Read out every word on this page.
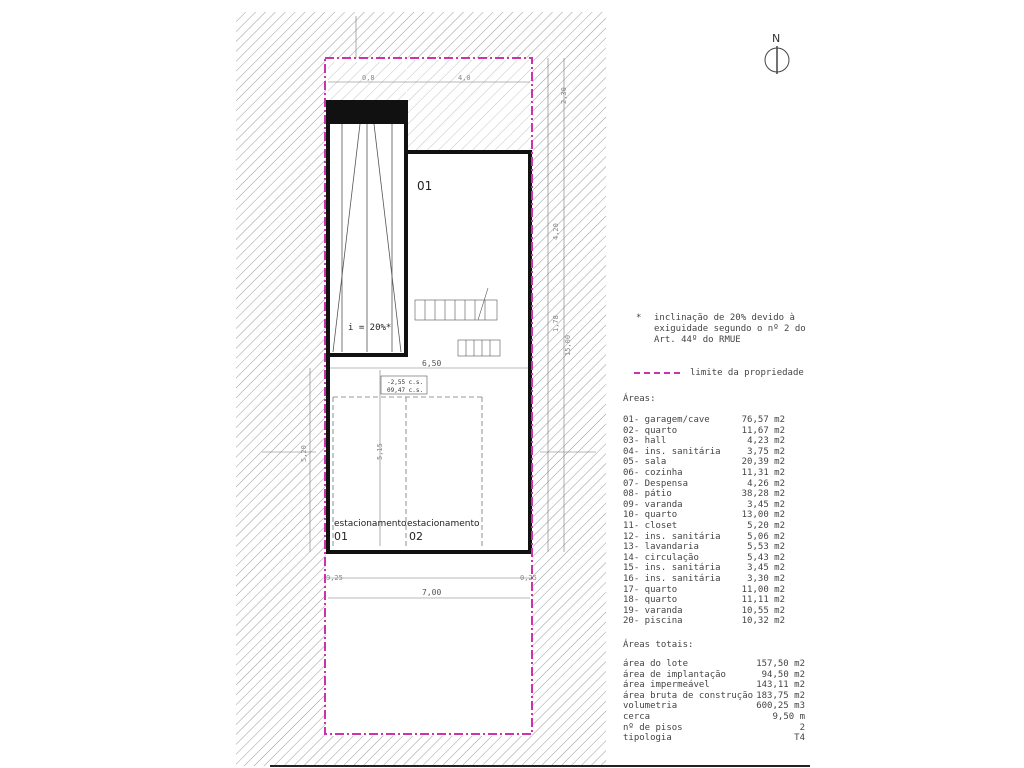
0,8	4,0
2,30
4,20
1,78
15,00
5,20	5,15
0,25	0,25
N
01
i = 20%*
6,50
7,00
-2,55 c.s.
09,47 c.s.
estacionamento
01
estacionamento
02
* inclinação de 20% devido à
exiguidade segundo o nº 2 do
Art. 44º do RMUE
limite da propriedade
Áreas:
01- garagem/cave	76,57 m2
02- quarto	11,67 m2
03- hall	4,23 m2
04- ins. sanitária	3,75 m2
05- sala	20,39 m2
06- cozinha	11,31 m2
07- Despensa	4,26 m2
08- pátio	38,28 m2
09- varanda	3,45 m2
10- quarto	13,00 m2
11- closet	5,20 m2
12- ins. sanitária	5,06 m2
13- lavandaria	5,53 m2
14- circulação	5,43 m2
15- ins. sanitária	3,45 m2
16- ins. sanitária	3,30 m2
17- quarto	11,00 m2
18- quarto	11,11 m2
19- varanda	10,55 m2
20- piscina	10,32 m2
Áreas totais:
área do lote	157,50 m2
área de implantação	94,50 m2
área impermeável	143,11 m2
área bruta de construção 183,75 m2
volumetria	600,25 m3
cerca	9,50 m
nº de pisos	2
tipologia	T4
